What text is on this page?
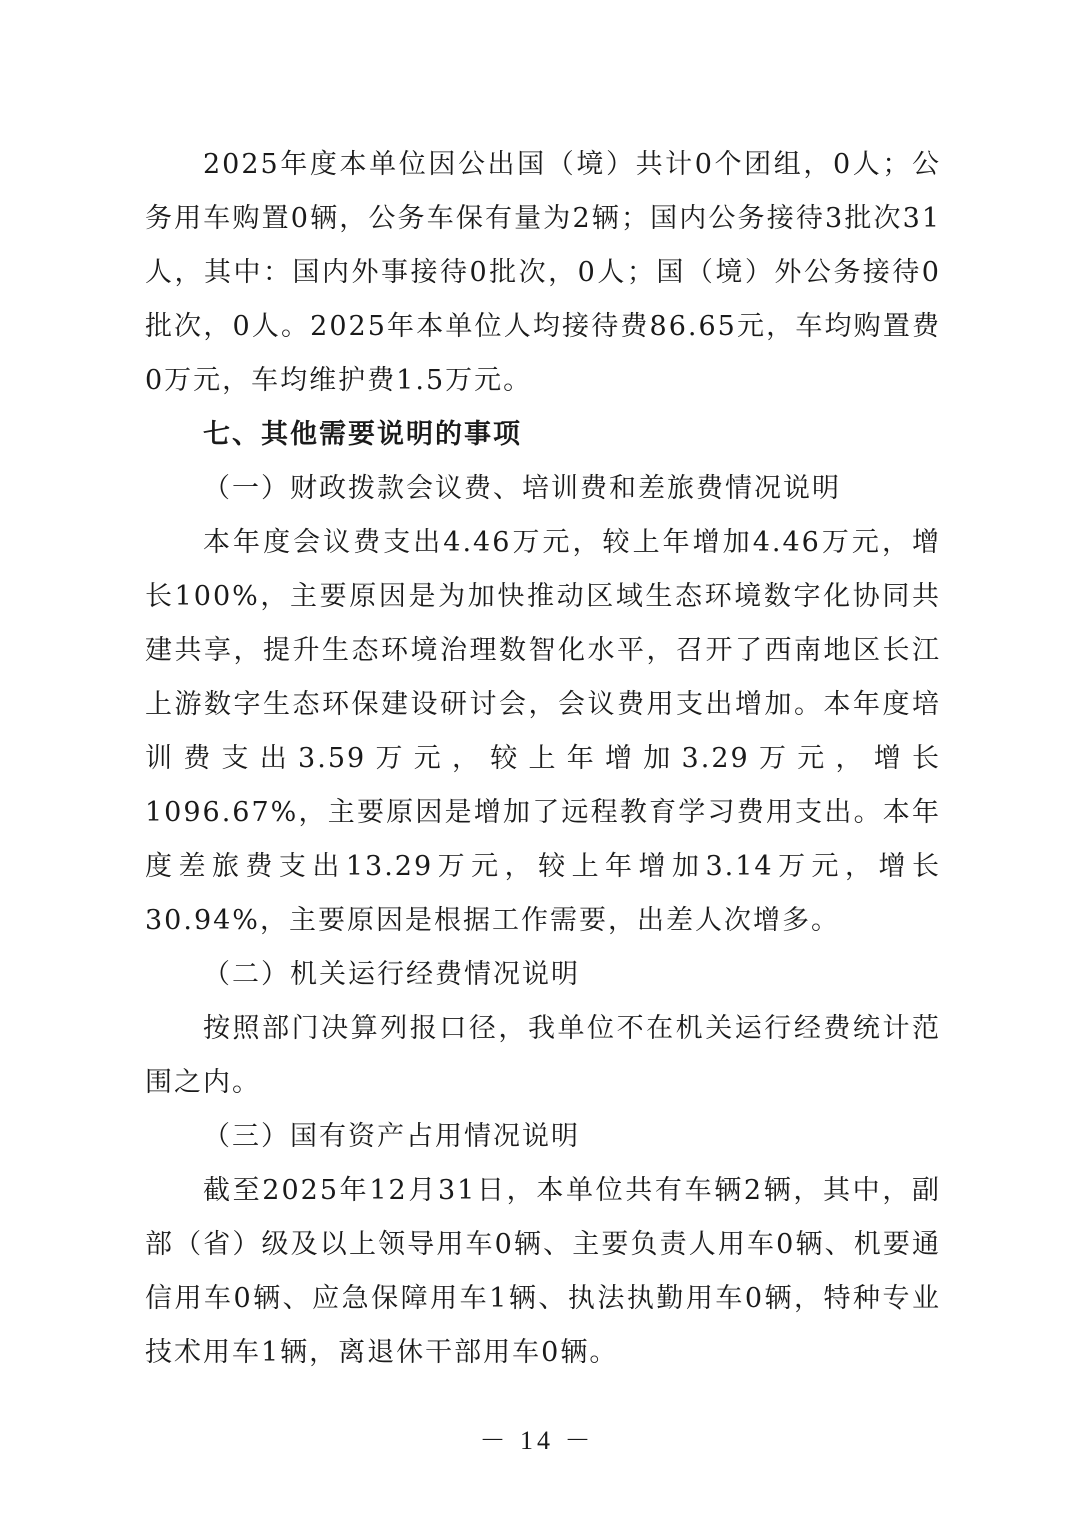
2025年度本单位因公出国（境）共计0个团组，0人；公务用车购置0辆，公务车保有量为2辆；国内公务接待3批次31人，其中：国内外事接待0批次，0人；国（境）外公务接待0批次，0人。2025年本单位人均接待费86.65元，车均购置费0万元，车均维护费1.5万元。

七、其他需要说明的事项

（一）财政拨款会议费、培训费和差旅费情况说明

本年度会议费支出4.46万元，较上年增加4.46万元，增长100%，主要原因是为加快推动区域生态环境数字化协同共建共享，提升生态环境治理数智化水平，召开了西南地区长江上游数字生态环保建设研讨会，会议费用支出增加。本年度培训费支出3.59万元，较上年增加3.29万元，增长1096.67%，主要原因是增加了远程教育学习费用支出。本年度差旅费支出13.29万元，较上年增加3.14万元，增长30.94%，主要原因是根据工作需要，出差人次增多。

（二）机关运行经费情况说明

按照部门决算列报口径，我单位不在机关运行经费统计范围之内。

（三）国有资产占用情况说明

截至2025年12月31日，本单位共有车辆2辆，其中，副部（省）级及以上领导用车0辆、主要负责人用车0辆、机要通信用车0辆、应急保障用车1辆、执法执勤用车0辆，特种专业技术用车1辆，离退休干部用车0辆。

－ 14 －
